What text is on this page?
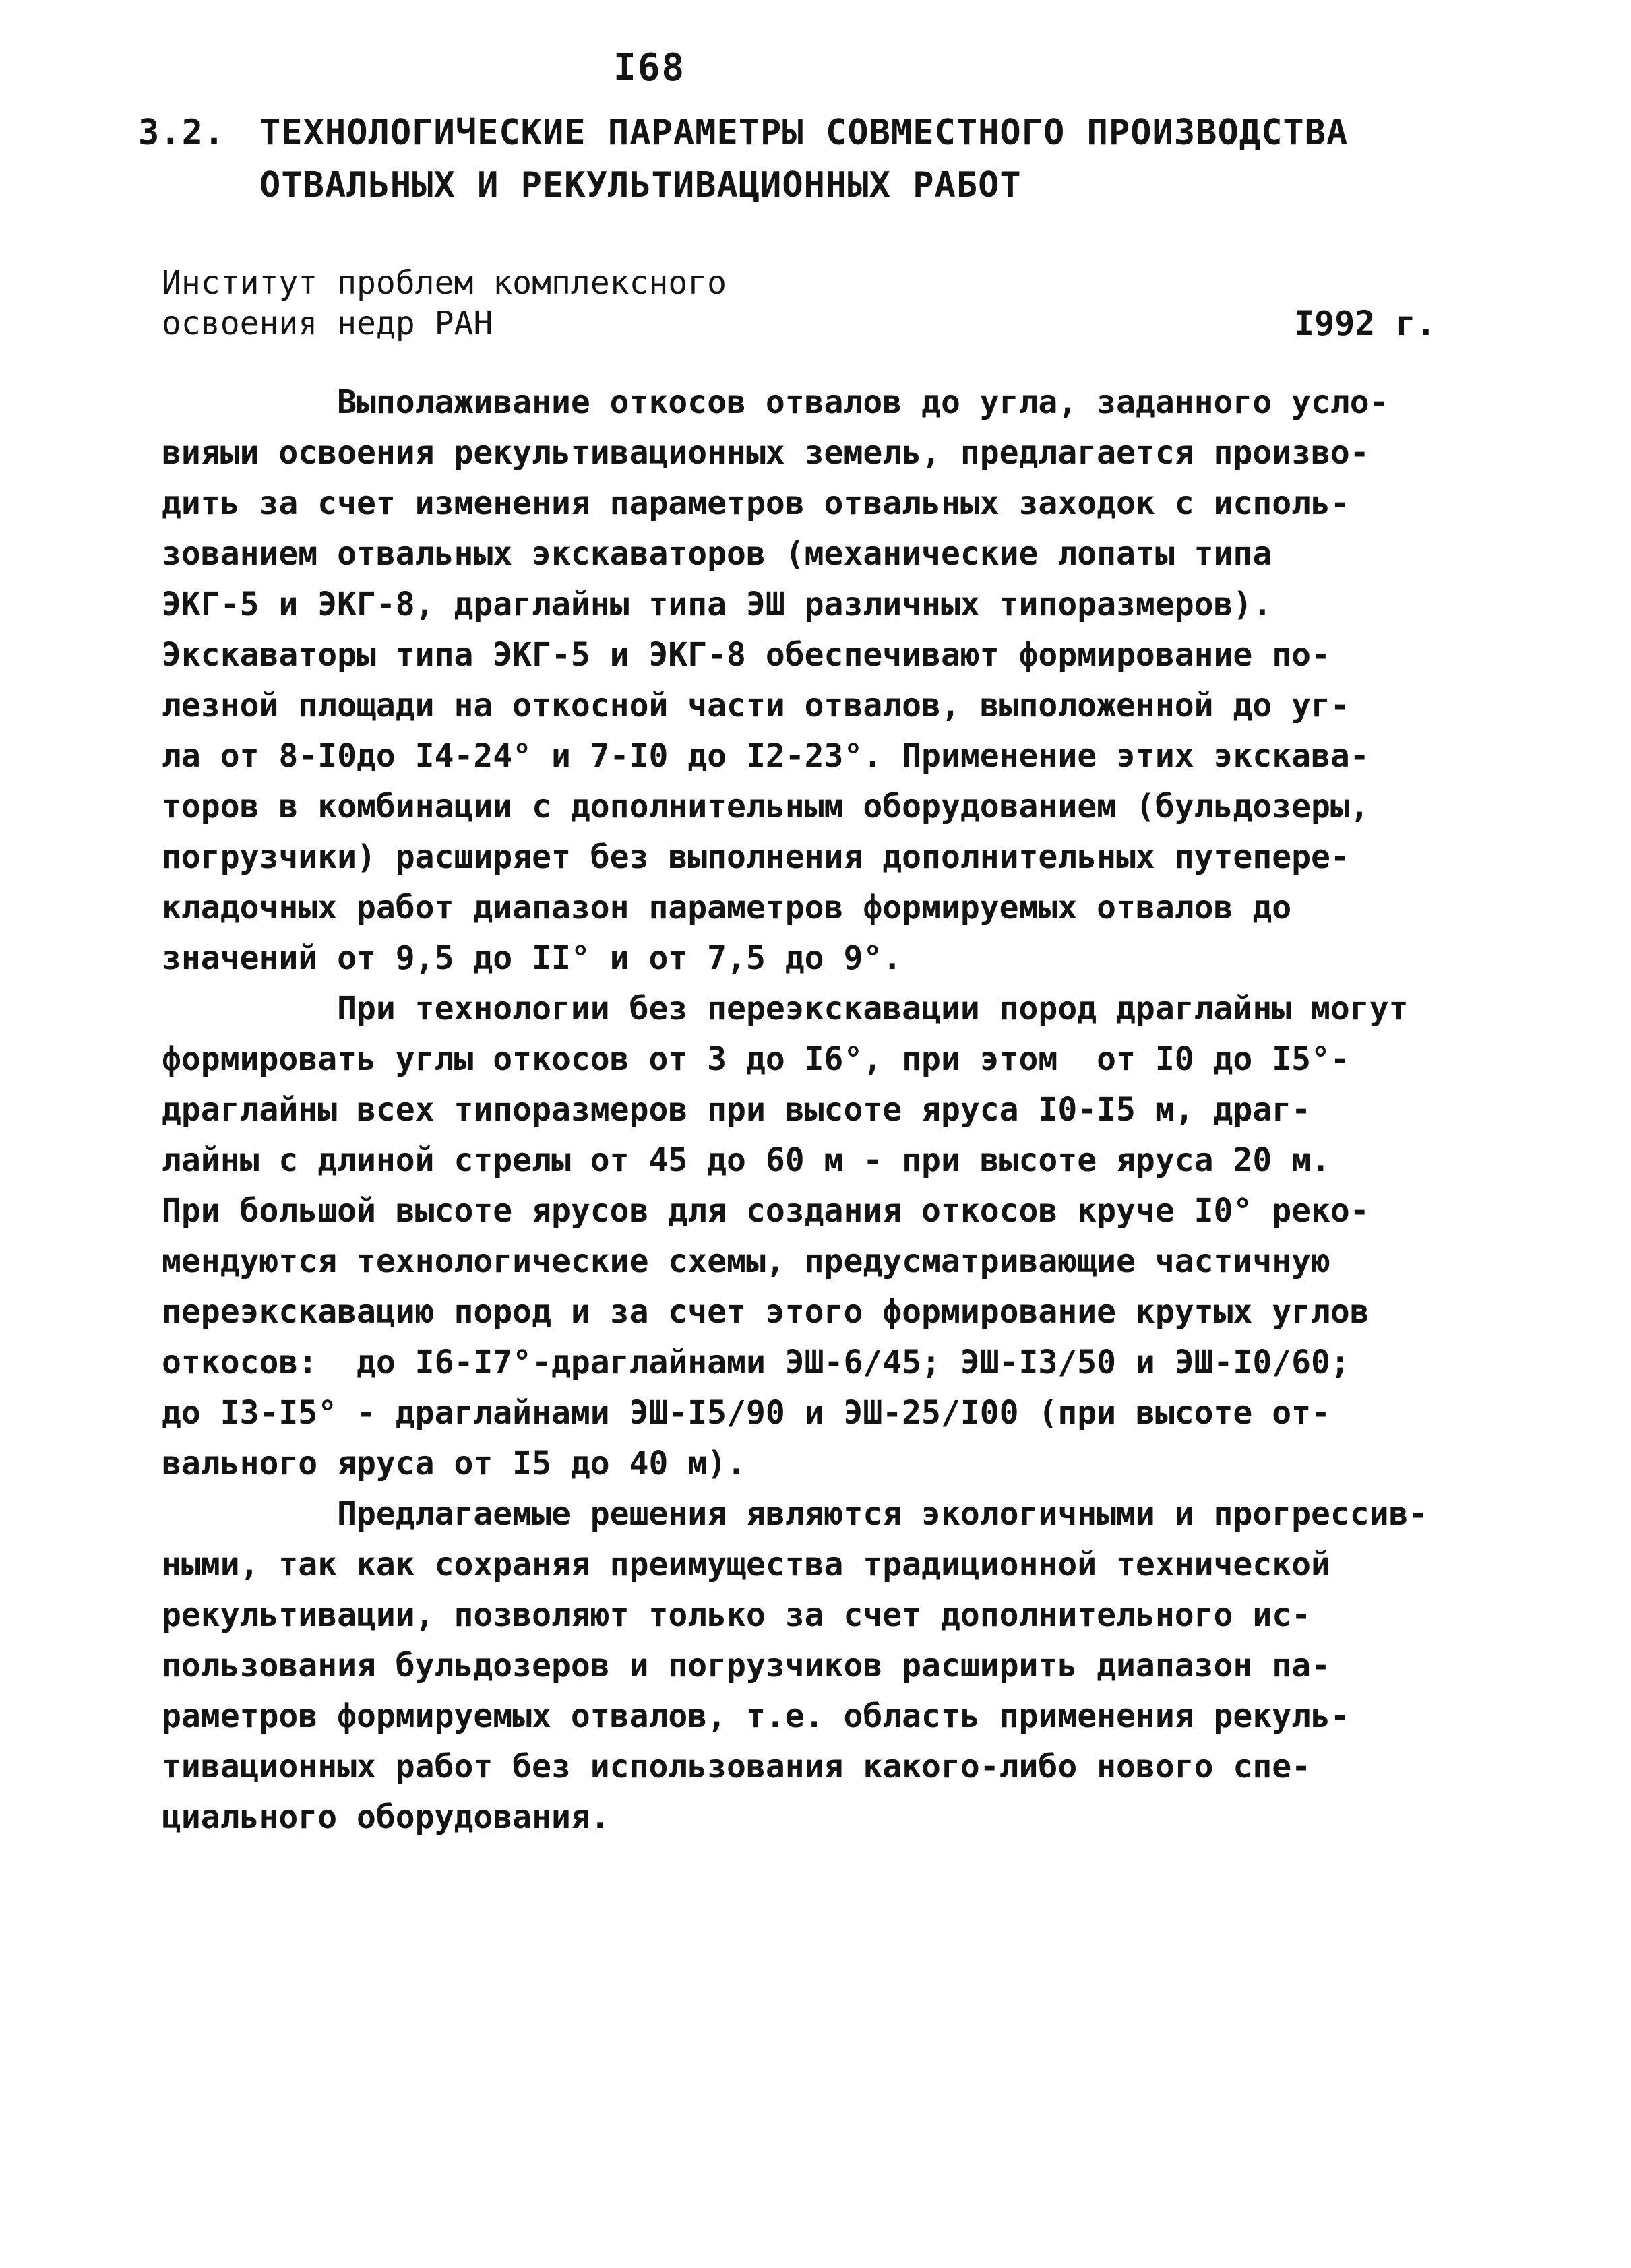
I68
3.2. ТЕХНОЛОГИЧЕСКИЕ ПАРАМЕТРЫ СОВМЕСТНОГО ПРОИЗВОДСТВА
ОТВАЛЬНЫХ И РЕКУЛЬТИВАЦИОННЫХ РАБОТ
Институт проблем комплексного
освоения недр РАН	I992 г.
Выполаживание откосов отвалов до угла, заданного усло-
вияыи освоения рекультивационных земель, предлагается произво-
дить за счет изменения параметров отвальных заходок с исполь-
зованием отвальных экскаваторов (механические лопаты типа
ЭКГ-5 и ЭКГ-8, драглайны типа ЭШ различных типоразмеров).
Экскаваторы типа ЭКГ-5 и ЭКГ-8 обеспечивают формирование по-
лезной площади на откосной части отвалов, выположенной до уг-
ла от 8-I0до I4-24° и 7-I0 до I2-23°. Применение этих экскава-
торов в комбинации с дополнительным оборудованием (бульдозеры,
погрузчики) расширяет без выполнения дополнительных путепере-
кладочных работ диапазон параметров формируемых отвалов до
значений от 9,5 до II° и от 7,5 до 9°.
При технологии без переэкскавации пород драглайны могут
формировать углы откосов от 3 до I6°, при этом  от I0 до I5°-
драглайны всех типоразмеров при высоте яруса I0-I5 м, драг-
лайны с длиной стрелы от 45 до 60 м - при высоте яруса 20 м.
При большой высоте ярусов для создания откосов круче I0° реко-
мендуются технологические схемы, предусматривающие частичную
переэкскавацию пород и за счет этого формирование крутых углов
откосов:  до I6-I7°-драглайнами ЭШ-6/45; ЭШ-I3/50 и ЭШ-I0/60;
до I3-I5° - драглайнами ЭШ-I5/90 и ЭШ-25/I00 (при высоте от-
вального яруса от I5 до 40 м).
Предлагаемые решения являются экологичными и прогрессив-
ными, так как сохраняя преимущества традиционной технической
рекультивации, позволяют только за счет дополнительного ис-
пользования бульдозеров и погрузчиков расширить диапазон па-
раметров формируемых отвалов, т.е. область применения рекуль-
тивационных работ без использования какого-либо нового спе-
циального оборудования.
